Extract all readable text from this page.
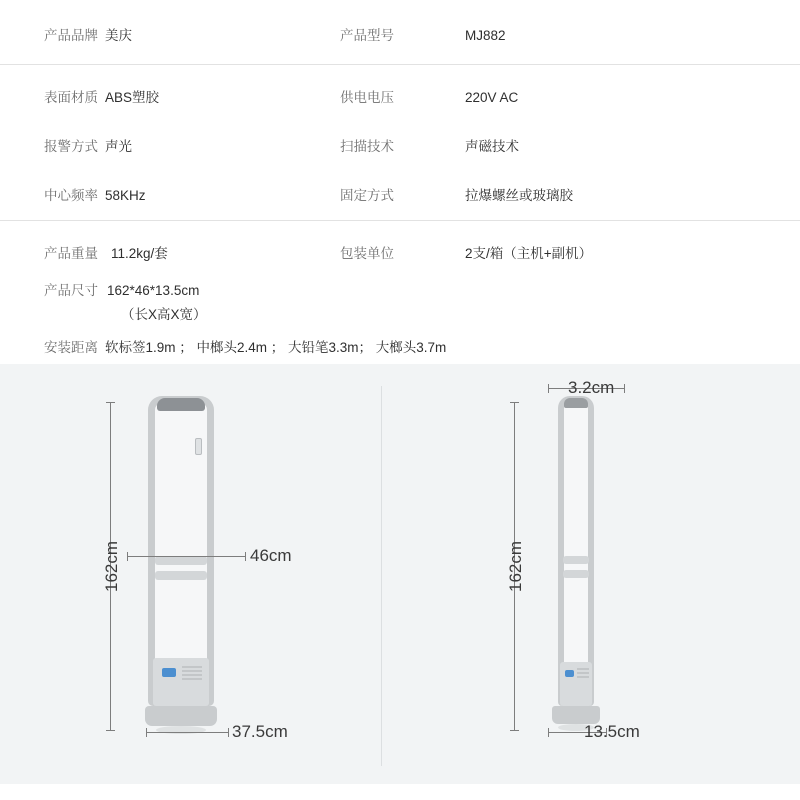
产品品牌 美庆	产品型号	MJ882
表面材质 ABS塑胶	供电电压	220V AC
报警方式 声光	扫描技术	声磁技术
中心频率 58KHz	固定方式	拉爆螺丝或玻璃胶
产品重量 11.2kg/套	包装单位	2支/箱（主机+副机）
产品尺寸 162*46*13.5cm
（长X高X宽）
安装距离 软标签1.9m ； 中榔头2.4m ； 大铅笔3.3m； 大榔头3.7m
162cm	46cm
37.5cm
3.2cm
162cm
13.5cm
